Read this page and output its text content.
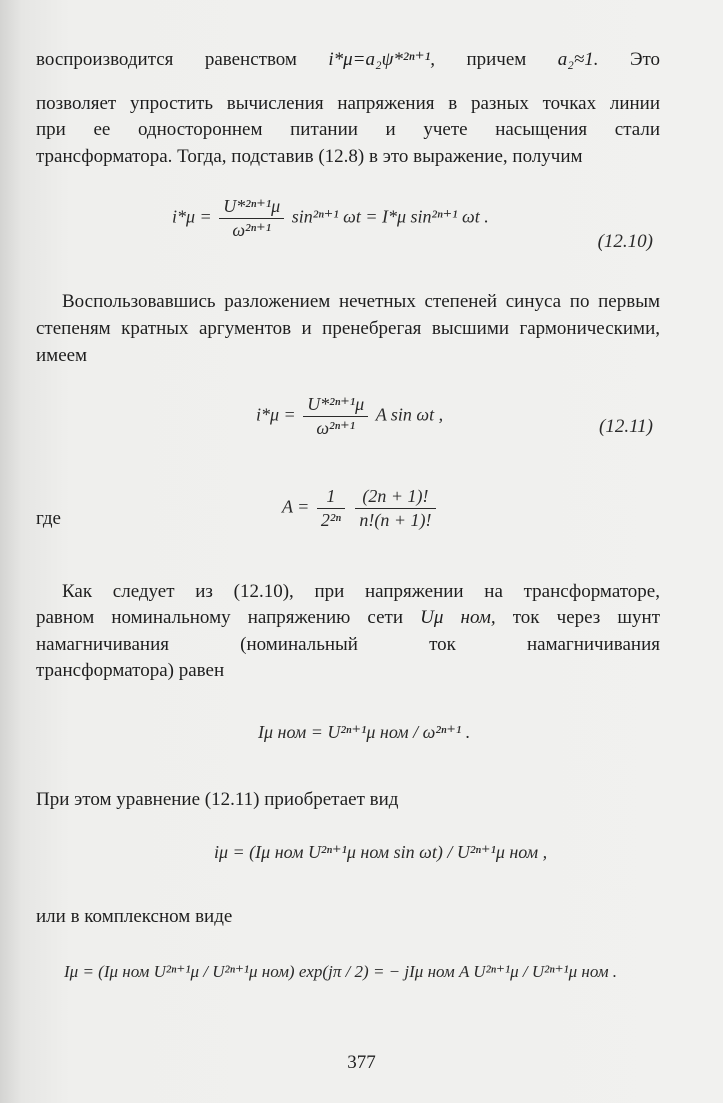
воспроизводится равенством i*μ=a₂ψ*²ⁿ⁺¹, причем a₂≈1. Это
позволяет упростить вычисления напряжения в разных точках линии
при ее одностороннем питании и учете насыщения стали
трансформатора. Тогда, подставив (12.8) в это выражение, получим
$i*\mu = \frac{\text{U*²ⁿ⁺¹μ}}{\text{ω²ⁿ⁺¹}} \sin^{2n+1}$ ωt = I*μ sin²ⁿ⁺¹ ωt .
(12.10)
Воспользовавшись разложением нечетных степеней синуса по первым степеням кратных аргументов и пренебрегая высшими гармоническими, имеем
$i*\mu = \frac{\text{U*²ⁿ⁺¹μ}}{\text{ω²ⁿ⁺¹}}$ A sin ωt ,
(12.11)
где
$A = \frac{1}{\text{2²ⁿ}}$
$\frac{(2n + 1)!}{n!(n + 1)!}$
Как следует из (12.10), при напряжении на трансформаторе,
равном номинальному напряжению сети Uμ ном, ток через шунт
намагничивания (номинальный ток намагничивания
трансформатора) равен
Iμ ном = U²ⁿ⁺¹μ ном / ω²ⁿ⁺¹ .
При этом уравнение (12.11) приобретает вид
iμ = (Iμ ном U²ⁿ⁺¹μ ном sin ωt) / U²ⁿ⁺¹μ ном ,
или в комплексном виде
Iμ = (Iμ ном U²ⁿ⁺¹μ / U²ⁿ⁺¹μ ном) exp(jπ / 2) = − jIμ ном A U²ⁿ⁺¹μ / U²ⁿ⁺¹μ ном .
377
